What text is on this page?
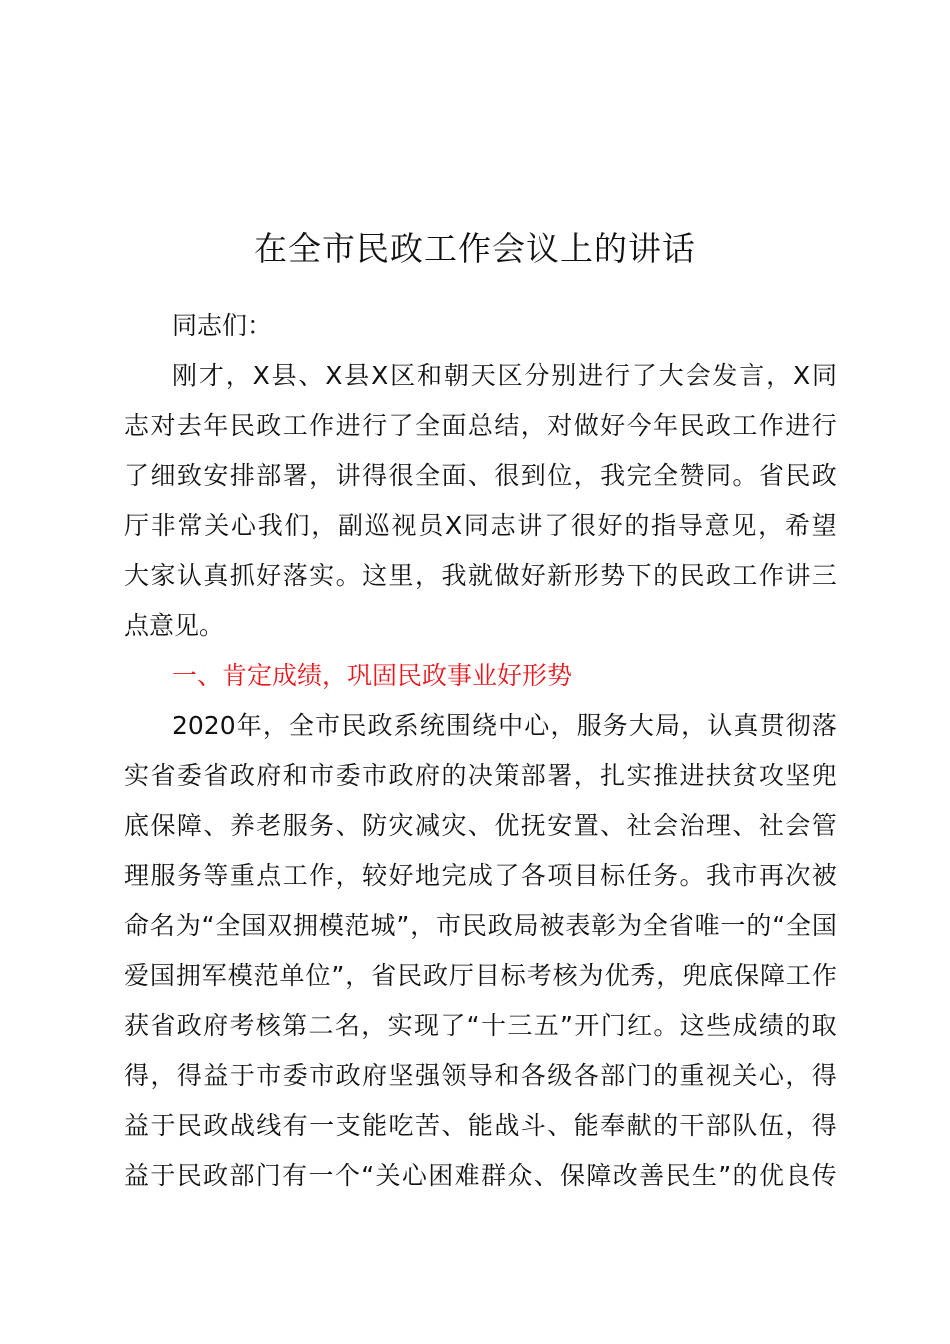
在全市民政工作会议上的讲话
同志们：
刚 才 ， X 县 、 X 县 X 区 和 朝 天 区 分 别 进 行 了 大 会 发 言 ， X 同
志 对 去 年 民 政 工 作 进 行 了 全 面 总 结 ， 对 做 好 今 年 民 政 工 作 进 行
了 细 致 安 排 部 署 ， 讲 得 很 全 面 、 很 到 位 ， 我 完 全 赞 同 。 省 民 政
厅 非 常 关 心 我 们 ， 副 巡 视 员 X 同 志 讲 了 很 好 的 指 导 意 见 ， 希 望
大 家 认 真 抓 好 落 实 。 这 里 ， 我 就 做 好 新 形 势 下 的 民 政 工 作 讲 三
点意见。
一、肯定成绩，巩固民政事业好形势
2020 年 ， 全 市 民 政 系 统 围 绕 中 心 ， 服 务 大 局 ， 认 真 贯 彻 落
实 省 委 省 政 府 和 市 委 市 政 府 的 决 策 部 署 ， 扎 实 推 进 扶 贫 攻 坚 兜
底 保 障 、 养 老 服 务 、 防 灾 减 灾 、 优 抚 安 置 、 社 会 治 理 、 社 会 管
理 服 务 等 重 点 工 作 ， 较 好 地 完 成 了 各 项 目 标 任 务 。 我 市 再 次 被
命 名 为 “ 全 国 双 拥 模 范 城 ” ， 市 民 政 局 被 表 彰 为 全 省 唯 一 的 “ 全 国
爱 国 拥 军 模 范 单 位 ” ， 省 民 政 厅 目 标 考 核 为 优 秀 ， 兜 底 保 障 工 作
获 省 政 府 考 核 第 二 名 ， 实 现 了 “ 十 三 五 ” 开 门 红 。 这 些 成 绩 的 取
得 ， 得 益 于 市 委 市 政 府 坚 强 领 导 和 各 级 各 部 门 的 重 视 关 心 ， 得
益 于 民 政 战 线 有 一 支 能 吃 苦 、 能 战 斗 、 能 奉 献 的 干 部 队 伍 ， 得
益 于 民 政 部 门 有 一 个 “ 关 心 困 难 群 众 、 保 障 改 善 民 生 ” 的 优 良 传
